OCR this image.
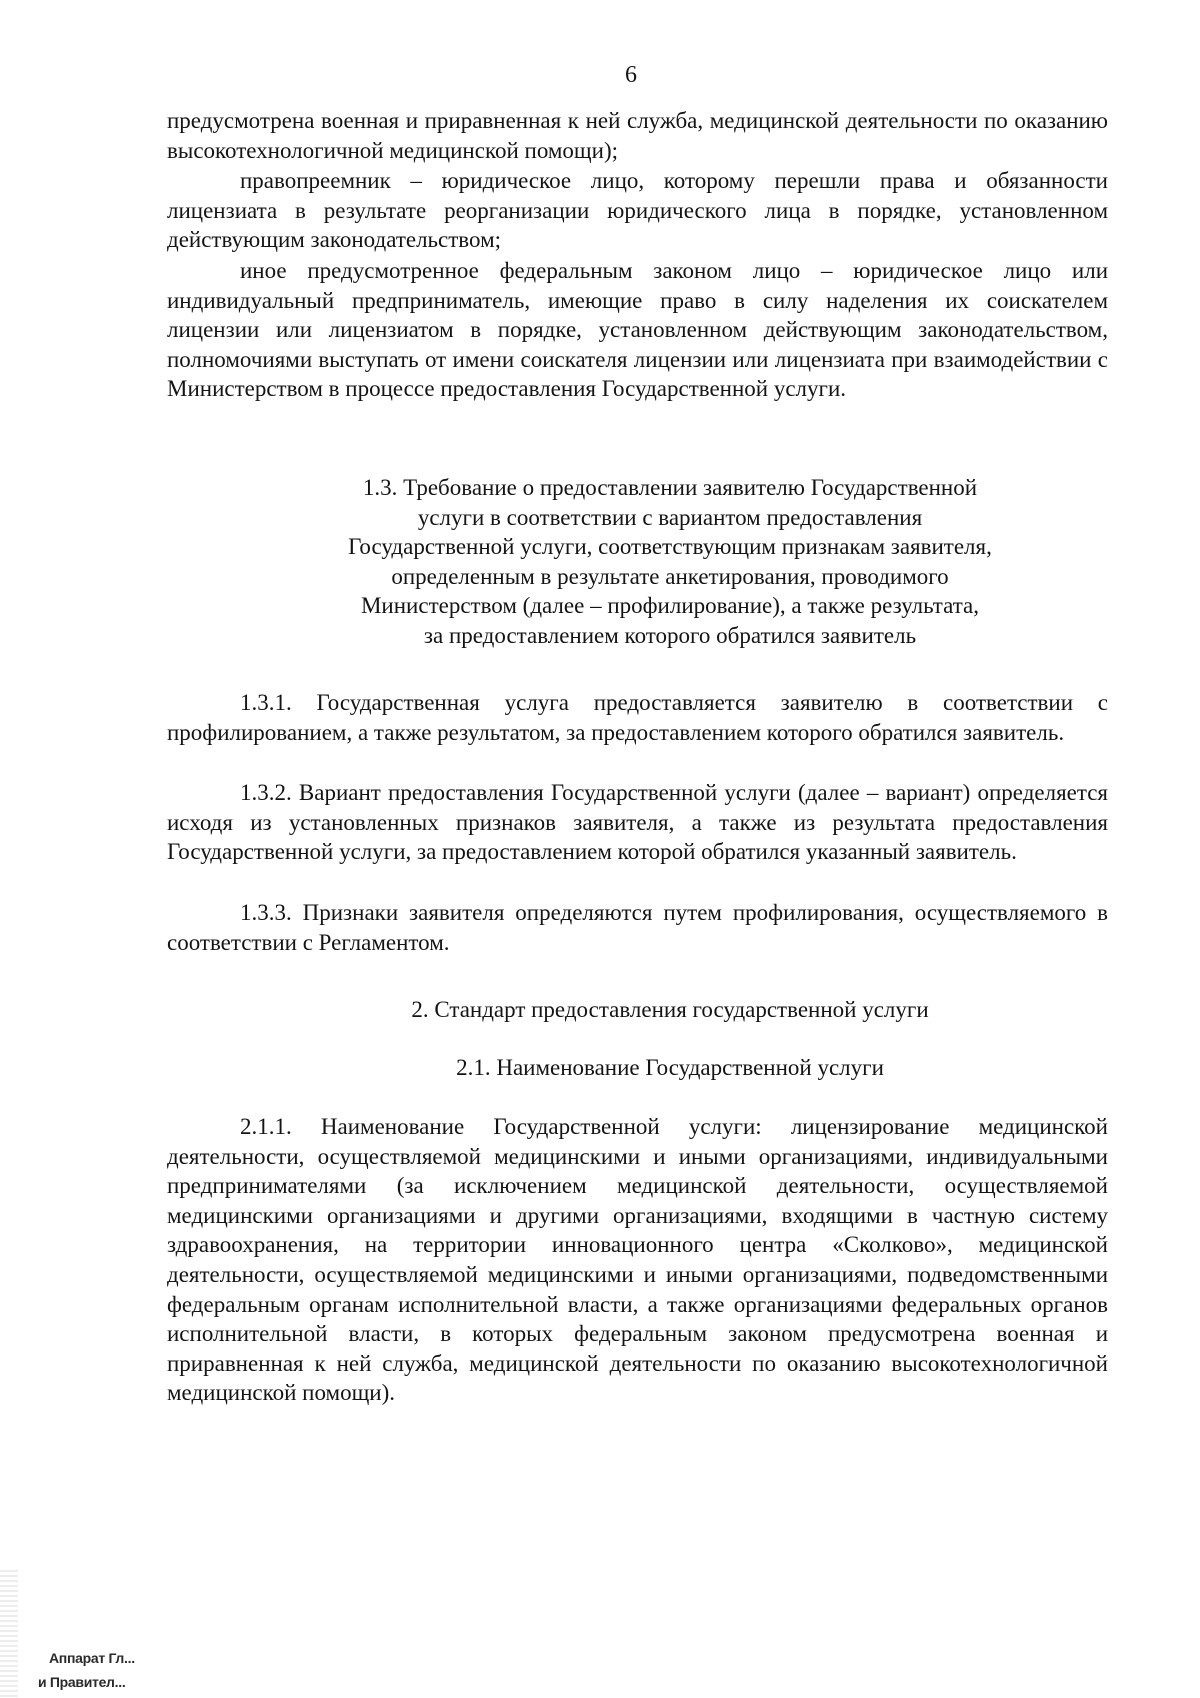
6

предусмотрена военная и приравненная к ней служба, медицинской деятельности по оказанию высокотехнологичной медицинской помощи);

правопреемник – юридическое лицо, которому перешли права и обязанности лицензиата в результате реорганизации юридического лица в порядке, установленном действующим законодательством;

иное предусмотренное федеральным законом лицо – юридическое лицо или индивидуальный предприниматель, имеющие право в силу наделения их соискателем лицензии или лицензиатом в порядке, установленном действующим законодательством, полномочиями выступать от имени соискателя лицензии или лицензиата при взаимодействии с Министерством в процессе предоставления Государственной услуги.

1.3. Требование о предоставлении заявителю Государственной
услуги в соответствии с вариантом предоставления
Государственной услуги, соответствующим признакам заявителя,
определенным в результате анкетирования, проводимого
Министерством (далее – профилирование), а также результата,
за предоставлением которого обратился заявитель

1.3.1. Государственная услуга предоставляется заявителю в соответствии с профилированием, а также результатом, за предоставлением которого обратился заявитель.

1.3.2. Вариант предоставления Государственной услуги (далее – вариант) определяется исходя из установленных признаков заявителя, а также из результата предоставления Государственной услуги, за предоставлением которой обратился указанный заявитель.

1.3.3. Признаки заявителя определяются путем профилирования, осуществляемого в соответствии с Регламентом.

2. Стандарт предоставления государственной услуги
2.1. Наименование Государственной услуги

2.1.1. Наименование Государственной услуги: лицензирование медицинской деятельности, осуществляемой медицинскими и иными организациями, индивидуальными предпринимателями (за исключением медицинской деятельности, осуществляемой медицинскими организациями и другими организациями, входящими в частную систему здравоохранения, на территории инновационного центра «Сколково», медицинской деятельности, осуществляемой медицинскими и иными организациями, подведомственными федеральным органам исполнительной власти, а также организациями федеральных органов исполнительной власти, в которых федеральным законом предусмотрена военная и приравненная к ней служба, медицинской деятельности по оказанию высокотехнологичной медицинской помощи).

Аппарат Гл...
и Правител...
